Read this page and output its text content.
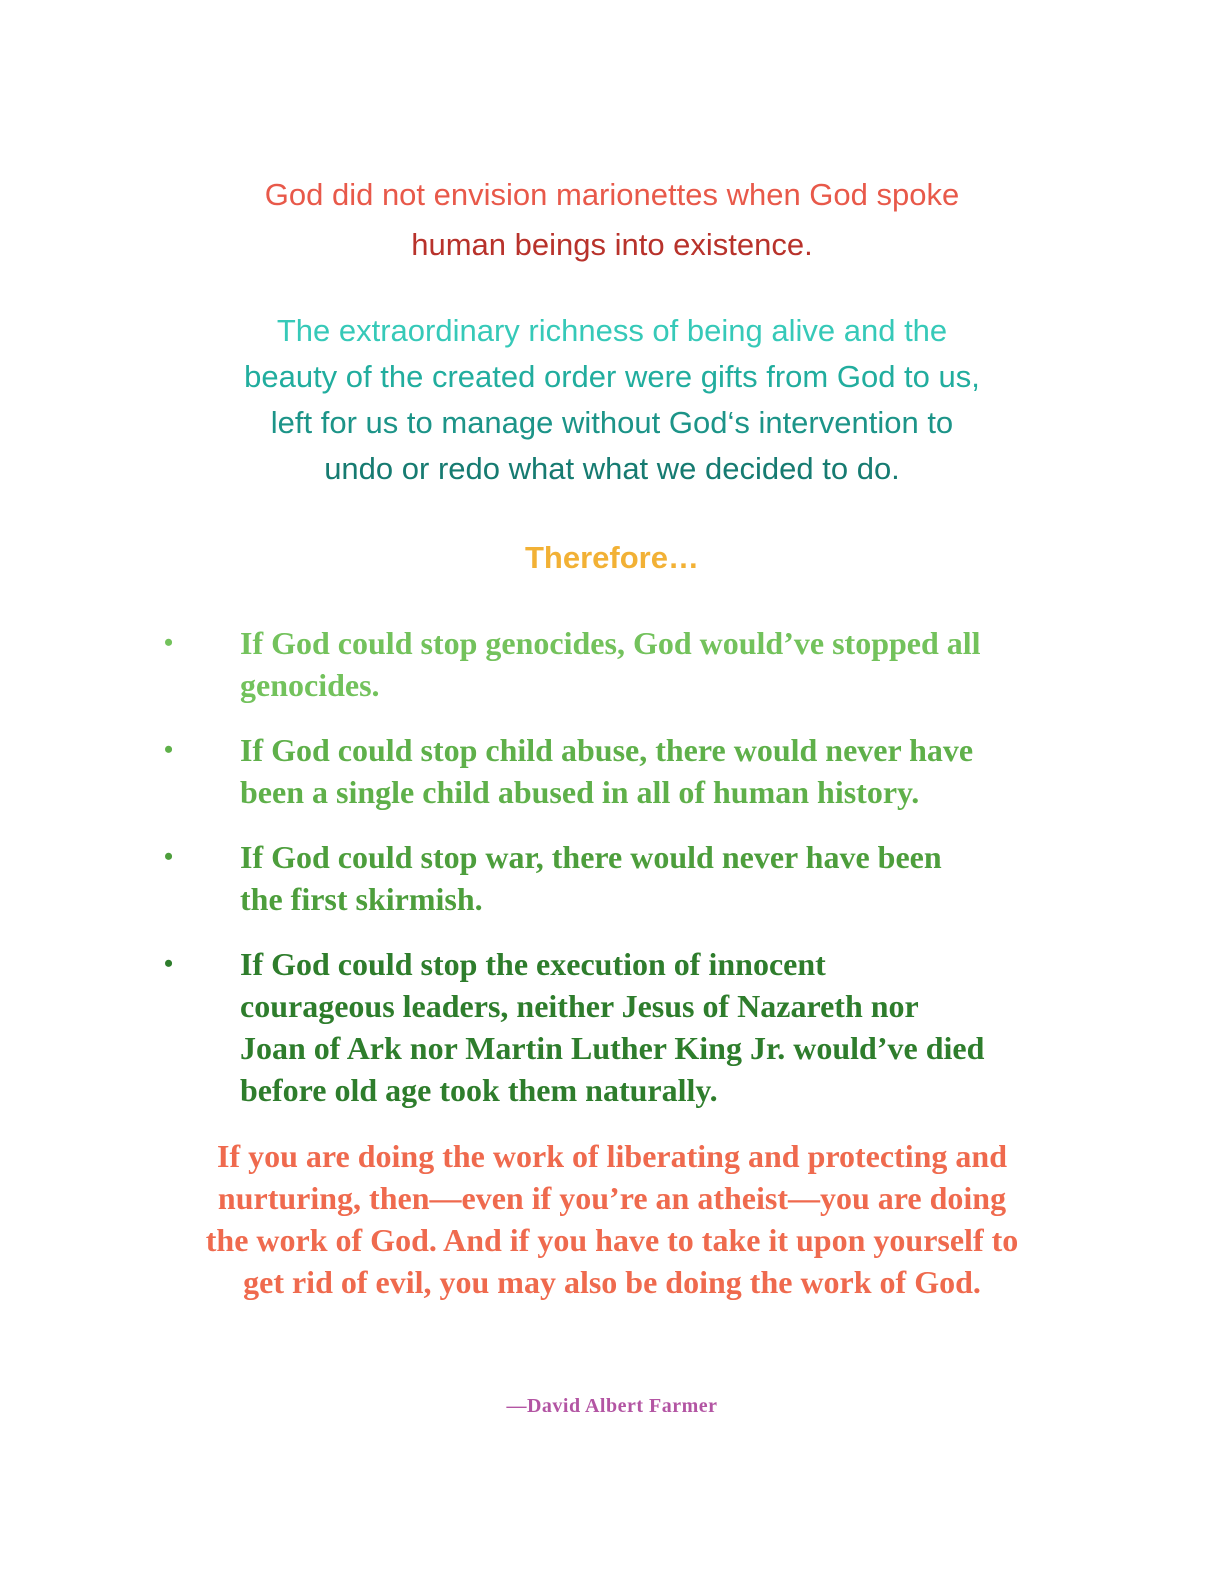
God did not envision marionettes when God spoke
human beings into existence.
The extraordinary richness of being alive and the
beauty of the created order were gifts from God to us,
left for us to manage without God‘s intervention to
undo or redo what what we decided to do.
Therefore…
• If God could stop genocides, God would’ve stopped all
genocides.
• If God could stop child abuse, there would never have
been a single child abused in all of human history.
• If God could stop war, there would never have been
the first skirmish.
• If God could stop the execution of innocent
courageous leaders, neither Jesus of Nazareth nor
Joan of Ark nor Martin Luther King Jr. would’ve died
before old age took them naturally.
If you are doing the work of liberating and protecting and
nurturing, then—even if you’re an atheist—you are doing
the work of God. And if you have to take it upon yourself to
get rid of evil, you may also be doing the work of God.
—David Albert Farmer
